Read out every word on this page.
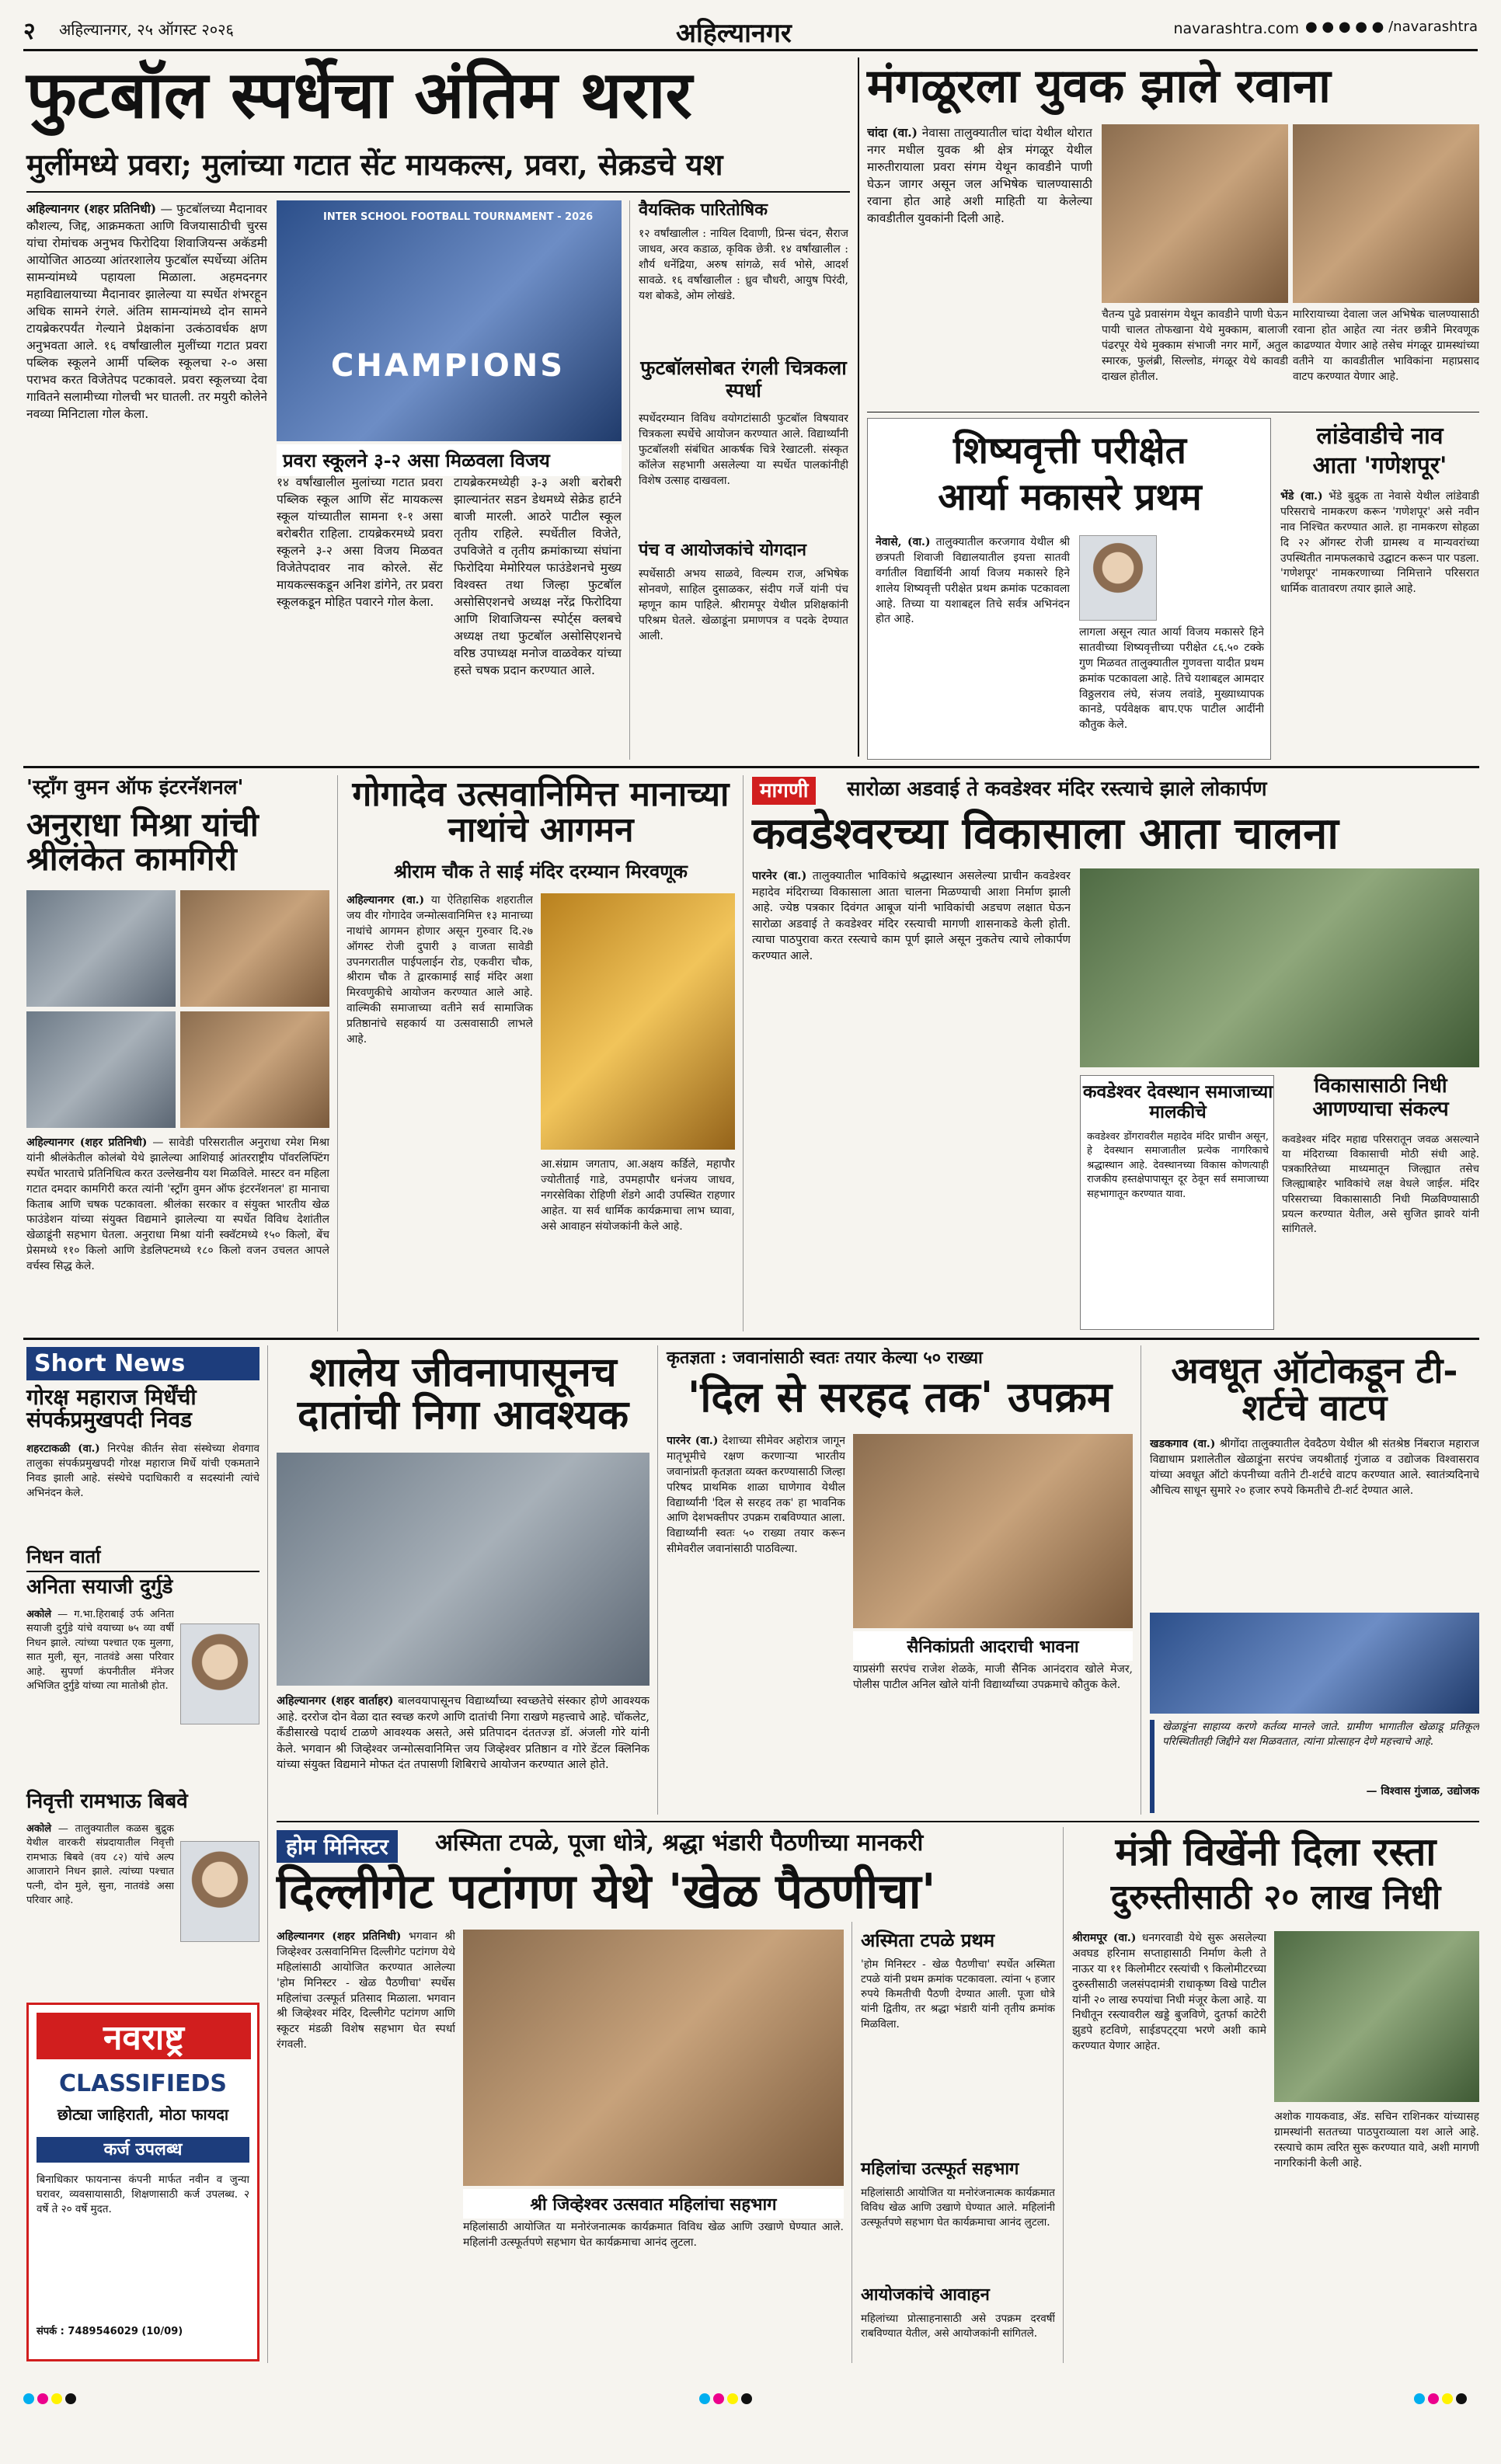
२ अहिल्यानगर, २५ ऑगस्ट २०२६	अहिल्यानगर	navarashtra.com ● ● ● ● ● /navarashtra
फुटबॉल स्पर्धेचा अंतिम थरार
मुलींमध्ये प्रवरा; मुलांच्या गटात सेंट मायकल्स, प्रवरा, सेक्रडचे यश
अहिल्यानगर (शहर प्रतिनिधी) — फुटबॉलच्या मैदानावर कौशल्य, जिद्द, आक्रमकता आणि विजयासाठीची चुरस यांचा रोमांचक अनुभव फिरोदिया शिवाजियन्स अकॅडमी आयोजित आठव्या आंतरशालेय फुटबॉल स्पर्धेच्या अंतिम सामन्यांमध्ये पहायला मिळाला. अहमदनगर महाविद्यालयाच्या मैदानावर झालेल्या या स्पर्धेत शंभरहून अधिक सामने रंगले. अंतिम सामन्यांमध्ये दोन सामने टायब्रेकरपर्यंत गेल्याने प्रेक्षकांना उत्कंठावर्धक क्षण अनुभवता आले. १६ वर्षांखालील मुलींच्या गटात प्रवरा पब्लिक स्कूलने आर्मी पब्लिक स्कूलचा २-० असा पराभव करत विजेतेपद पटकावले. प्रवरा स्कूलच्या देवा गावितने सलामीच्या गोलची भर घातली. तर मयुरी कोलेने नवव्या मिनिटाला गोल केला.
INTER SCHOOL FOOTBALL TOURNAMENT - 2026
CHAMPIONS
प्रवरा स्कूलने ३-२ असा मिळवला विजय
१४ वर्षांखालील मुलांच्या गटात प्रवरा पब्लिक स्कूल आणि सेंट मायकल्स स्कूल यांच्यातील सामना १-१ असा बरोबरीत राहिला. टायब्रेकरमध्ये प्रवरा स्कूलने ३-२ असा विजय मिळवत विजेतेपदावर नाव कोरले. सेंट मायकल्सकडून अनिश डांगेने, तर प्रवरा स्कूलकडून मोहित पवारने गोल केला.
टायब्रेकरमध्येही ३-३ अशी बरोबरी झाल्यानंतर सडन डेथमध्ये सेक्रेड हार्टने बाजी मारली. आठरे पाटील स्कूल तृतीय राहिले. स्पर्धेतील विजेते, उपविजेते व तृतीय क्रमांकाच्या संघांना फिरोदिया मेमोरियल फाउंडेशनचे मुख्य विश्वस्त तथा जिल्हा फुटबॉल असोसिएशनचे अध्यक्ष नरेंद्र फिरोदिया आणि शिवाजियन्स स्पोर्ट्स क्लबचे अध्यक्ष तथा फुटबॉल असोसिएशनचे वरिष्ठ उपाध्यक्ष मनोज वाळवेकर यांच्या हस्ते चषक प्रदान करण्यात आले.
वैयक्तिक पारितोषिक
१२ वर्षांखालील : नायिल दिवाणी, प्रिन्स चंदन, सैराज जाधव, अरव कडाळ, कृविक छेत्री. १४ वर्षांखालील : शौर्य धनेंद्रिया, अरुष सांगळे, सर्व भोसे, आदर्श सावळे. १६ वर्षांखालील : ध्रुव चौधरी, आयुष पिरंदी, यश बोकडे, ओम लोखंडे.
फुटबॉलसोबत रंगली चित्रकला स्पर्धा
स्पर्धेदरम्यान विविध वयोगटांसाठी फुटबॉल विषयावर चित्रकला स्पर्धेचे आयोजन करण्यात आले. विद्यार्थ्यांनी फुटबॉलशी संबंधित आकर्षक चित्रे रेखाटली. संस्कृत कॉलेज सहभागी असलेल्या या स्पर्धेत पालकांनीही विशेष उत्साह दाखवला.
पंच व आयोजकांचे योगदान
स्पर्धेसाठी अभय साळवे, विल्यम राज, अभिषेक सोनवणे, साहिल दुसाळकर, संदीप गर्जे यांनी पंच म्हणून काम पाहिले. श्रीरामपूर येथील प्रशिक्षकांनी परिश्रम घेतले. खेळाडूंना प्रमाणपत्र व पदके देण्यात आली.
मंगळूरला युवक झाले रवाना
चांदा (वा.) नेवासा तालुक्यातील चांदा येथील थोरात नगर मधील युवक श्री क्षेत्र मंगळूर येथील मारुतीरायाला प्रवरा संगम येथून कावडीने पाणी घेऊन जागर असून जल अभिषेक चालण्यासाठी रवाना होत आहे अशी माहिती या केलेल्या कावडीतील युवकांनी दिली आहे.
चैतन्य पुढे प्रवासंगम येथून कावडीने पाणी घेऊन पायी चालत तोफखाना येथे मुक्काम, बालाजी पंढरपूर येथे मुक्काम संभाजी नगर मार्गे, अतुल स्मारक, फुलंब्री, सिल्लोड, मंगळूर येथे कावडी दाखल होतील.
मारिरायाच्या देवाला जल अभिषेक चालण्यासाठी रवाना होत आहेत त्या नंतर छत्रीने मिरवणूक काढण्यात येणार आहे तसेच मंगळूर ग्रामस्थांच्या वतीने या कावडीतील भाविकांना महाप्रसाद वाटप करण्यात येणार आहे.
शिष्यवृत्ती परीक्षेत
आर्या मकासरे प्रथम
नेवासे, (वा.) तालुक्यातील करजगाव येथील श्री छत्रपती शिवाजी विद्यालयातील इयत्ता सातवी वर्गातील विद्यार्थिनी आर्या विजय मकासरे हिने शालेय शिष्यवृत्ती परीक्षेत प्रथम क्रमांक पटकावला आहे. तिच्या या यशाबद्दल तिचे सर्वत्र अभिनंदन होत आहे.
लागला असून त्यात आर्या विजय मकासरे हिने सातवीच्या शिष्यवृत्तीच्या परीक्षेत ८६.५० टक्के गुण मिळवत तालुक्यातील गुणवत्ता यादीत प्रथम क्रमांक पटकावला आहे. तिचे यशाबद्दल आमदार विठ्ठलराव लंघे, संजय लवांडे, मुख्याध्यापक कानडे, पर्यवेक्षक बाप.एफ पाटील आदींनी कौतुक केले.
लांडेवाडीचे नाव
आता 'गणेशपूर'
भेंडे (वा.) भेंडे बुद्रुक ता नेवासे येथील लांडेवाडी परिसराचे नामकरण करून 'गणेशपूर' असे नवीन नाव निश्चित करण्यात आले. हा नामकरण सोहळा दि २२ ऑगस्ट रोजी ग्रामस्थ व मान्यवरांच्या उपस्थितीत नामफलकाचे उद्घाटन करून पार पडला. 'गणेशपूर' नामकरणाच्या निमित्ताने परिसरात धार्मिक वातावरण तयार झाले आहे.
'स्ट्रॉंग वुमन ऑफ इंटरनॅशनल'
अनुराधा मिश्रा यांची श्रीलंकेत कामगिरी
अहिल्यानगर (शहर प्रतिनिधी) — सावेडी परिसरातील अनुराधा रमेश मिश्रा यांनी श्रीलंकेतील कोलंबो येथे झालेल्या आशियाई आंतरराष्ट्रीय पॉवरलिफ्टिंग स्पर्धेत भारताचे प्रतिनिधित्व करत उल्लेखनीय यश मिळविले. मास्टर वन महिला गटात दमदार कामगिरी करत त्यांनी 'स्ट्रॉंग वुमन ऑफ इंटरनॅशनल' हा मानाचा किताब आणि चषक पटकावला. श्रीलंका सरकार व संयुक्त भारतीय खेळ फाउंडेशन यांच्या संयुक्त विद्यमाने झालेल्या या स्पर्धेत विविध देशांतील खेळाडूंनी सहभाग घेतला. अनुराधा मिश्रा यांनी स्क्वॅटमध्ये १५० किलो, बेंच प्रेसमध्ये ११० किलो आणि डेडलिफ्टमध्ये १८० किलो वजन उचलत आपले वर्चस्व सिद्ध केले.
गोगादेव उत्सवानिमित्त मानाच्या नाथांचे आगमन
श्रीराम चौक ते साई मंदिर दरम्यान मिरवणूक
अहिल्यानगर (वा.) या ऐतिहासिक शहरातील जय वीर गोगादेव जन्मोत्सवानिमित्त १३ मानाच्या नाथांचे आगमन होणार असून गुरुवार दि.२७ ऑगस्ट रोजी दुपारी ३ वाजता सावेडी उपनगरातील पाईपलाईन रोड, एकवीरा चौक, श्रीराम चौक ते द्वारकामाई साई मंदिर अशा मिरवणुकीचे आयोजन करण्यात आले आहे. वाल्मिकी समाजाच्या वतीने सर्व सामाजिक प्रतिष्ठानांचे सहकार्य या उत्सवासाठी लाभले आहे.
आ.संग्राम जगताप, आ.अक्षय कर्डिले, महापौर ज्योतीताई गाडे, उपमहापौर धनंजय जाधव, नगरसेविका रोहिणी शेंडगे आदी उपस्थित राहणार आहेत. या सर्व धार्मिक कार्यक्रमाचा लाभ घ्यावा, असे आवाहन संयोजकांनी केले आहे.
मागणी	सारोळा अडवाई ते कवडेश्वर मंदिर रस्त्याचे झाले लोकार्पण
कवडेश्वरच्या विकासाला आता चालना
पारनेर (वा.) तालुक्यातील भाविकांचे श्रद्धास्थान असलेल्या प्राचीन कवडेश्वर महादेव मंदिराच्या विकासाला आता चालना मिळण्याची आशा निर्माण झाली आहे. ज्येष्ठ पत्रकार दिवंगत आबूज यांनी भाविकांची अडचण लक्षात घेऊन सारोळा अडवाई ते कवडेश्वर मंदिर रस्त्याची मागणी शासनाकडे केली होती. त्याचा पाठपुरावा करत रस्त्याचे काम पूर्ण झाले असून नुकतेच त्याचे लोकार्पण करण्यात आले.
कवडेश्वर देवस्थान समाजाच्या मालकीचे
कवडेश्वर डोंगरावरील महादेव मंदिर प्राचीन असून, हे देवस्थान समाजातील प्रत्येक नागरिकाचे श्रद्धास्थान आहे. देवस्थानच्या विकास कोणत्याही राजकीय हस्तक्षेपापासून दूर ठेवून सर्व समाजाच्या सहभागातून करण्यात यावा.
विकासासाठी निधी आणण्याचा संकल्प
कवडेश्वर मंदिर महाद्य परिसरातून जवळ असल्याने या मंदिराच्या विकासाची मोठी संधी आहे. पत्रकारितेच्या माध्यमातून जिल्ह्यात तसेच जिल्ह्याबाहेर भाविकांचे लक्ष वेधले जाईल. मंदिर परिसराच्या विकासासाठी निधी मिळविण्यासाठी प्रयत्न करण्यात येतील, असे सुजित झावरे यांनी सांगितले.
Short News
गोरक्ष महाराज मिर्धेंची संपर्कप्रमुखपदी निवड
शहरटाकळी (वा.) निरपेक्ष कीर्तन सेवा संस्थेच्या शेवगाव तालुका संपर्कप्रमुखपदी गोरक्ष महाराज मिर्धे यांची एकमताने निवड झाली आहे. संस्थेचे पदाधिकारी व सदस्यांनी त्यांचे अभिनंदन केले.
निधन वार्ता
अनिता सयाजी दुर्गुडे
अकोले — ग.भा.हिराबाई उर्फ अनिता सयाजी दुर्गुडे यांचे वयाच्या ७५ व्या वर्षी निधन झाले. त्यांच्या पश्चात एक मुलगा, सात मुली, सून, नातवंडे असा परिवार आहे. सुपर्णा कंपनीतील मॅनेजर अभिजित दुर्गुडे यांच्या त्या मातोश्री होत.
निवृत्ती रामभाऊ बिबवे
अकोले — तालुक्यातील कळस बुद्रुक येथील वारकरी संप्रदायातील निवृत्ती रामभाऊ बिबवे (वय ८२) यांचे अल्प आजाराने निधन झाले. त्यांच्या पश्चात पत्नी, दोन मुले, सुना, नातवंडे असा परिवार आहे.
नवराष्ट्र
CLASSIFIEDS
छोट्या जाहिराती, मोठा फायदा
कर्ज उपलब्ध
बिनाधिकार फायनान्स कंपनी मार्फत नवीन व जुन्या घरावर, व्यवसायासाठी, शिक्षणासाठी कर्ज उपलब्ध. २ वर्षे ते २० वर्षे मुदत.
संपर्क : 7489546029 (10/09)
शालेय जीवनापासूनच दातांची निगा आवश्यक
अहिल्यानगर (शहर वार्ताहर) बालवयापासूनच विद्यार्थ्यांच्या स्वच्छतेचे संस्कार होणे आवश्यक आहे. दररोज दोन वेळा दात स्वच्छ करणे आणि दातांची निगा राखणे महत्त्वाचे आहे. चॉकलेट, कँडीसारखे पदार्थ टाळणे आवश्यक असते, असे प्रतिपादन दंततज्ज्ञ डॉ. अंजली गोरे यांनी केले. भगवान श्री जिव्हेश्वर जन्मोत्सवानिमित्त जय जिव्हेश्वर प्रतिष्ठान व गोरे डेंटल क्लिनिक यांच्या संयुक्त विद्यमाने मोफत दंत तपासणी शिबिराचे आयोजन करण्यात आले होते.
कृतज्ञता : जवानांसाठी स्वतः तयार केल्या ५० राख्या
'दिल से सरहद तक' उपक्रम
पारनेर (वा.) देशाच्या सीमेवर अहोरात्र जागून मातृभूमीचे रक्षण करणाऱ्या भारतीय जवानांप्रती कृतज्ञता व्यक्त करण्यासाठी जिल्हा परिषद प्राथमिक शाळा घाणेगाव येथील विद्यार्थ्यांनी 'दिल से सरहद तक' हा भावनिक आणि देशभक्तीपर उपक्रम राबविण्यात आला. विद्यार्थ्यांनी स्वतः ५० राख्या तयार करून सीमेवरील जवानांसाठी पाठविल्या.
सैनिकांप्रती आदराची भावना
याप्रसंगी सरपंच राजेश शेळके, माजी सैनिक आनंदराव खोले मेजर, पोलीस पाटील अनिल खोले यांनी विद्यार्थ्यांच्या उपक्रमाचे कौतुक केले.
अवधूत ऑटोकडून टी-शर्टचे वाटप
खडकगाव (वा.) श्रीगोंदा तालुक्यातील देवदैठण येथील श्री संतश्रेष्ठ निंबराज महाराज विद्याधाम प्रशालेतील खेळाडूंना सरपंच जयश्रीताई गुंजाळ व उद्योजक विश्वासराव यांच्या अवधूत ऑटो कंपनीच्या वतीने टी-शर्टचे वाटप करण्यात आले. स्वातंत्र्यदिनाचे औचित्य साधून सुमारे २० हजार रुपये किमतीचे टी-शर्ट देण्यात आले.
खेळाडूंना साहाय्य करणे कर्तव्य मानले जाते. ग्रामीण भागातील खेळाडू प्रतिकूल परिस्थितीतही जिद्दीने यश मिळवतात, त्यांना प्रोत्साहन देणे महत्त्वाचे आहे.
— विश्वास गुंजाळ, उद्योजक
होम मिनिस्टर	अस्मिता टपळे, पूजा धोत्रे, श्रद्धा भंडारी पैठणीच्या मानकरी
दिल्लीगेट पटांगण येथे 'खेळ पैठणीचा'
अहिल्यानगर (शहर प्रतिनिधी) भगवान श्री जिव्हेश्वर उत्सवानिमित्त दिल्लीगेट पटांगण येथे महिलांसाठी आयोजित करण्यात आलेल्या 'होम मिनिस्टर - खेळ पैठणीचा' स्पर्धेस महिलांचा उत्स्फूर्त प्रतिसाद मिळाला. भगवान श्री जिव्हेश्वर मंदिर, दिल्लीगेट पटांगण आणि स्कूटर मंडळी विशेष सहभाग घेत स्पर्धा रंगवली.
श्री जिव्हेश्वर उत्सवात महिलांचा सहभाग
महिलांसाठी आयोजित या मनोरंजनात्मक कार्यक्रमात विविध खेळ आणि उखाणे घेण्यात आले. महिलांनी उत्स्फूर्तपणे सहभाग घेत कार्यक्रमाचा आनंद लुटला.
अस्मिता टपळे प्रथम
'होम मिनिस्टर - खेळ पैठणीचा' स्पर्धेत अस्मिता टपळे यांनी प्रथम क्रमांक पटकावला. त्यांना ५ हजार रुपये किमतीची पैठणी देण्यात आली. पूजा धोत्रे यांनी द्वितीय, तर श्रद्धा भंडारी यांनी तृतीय क्रमांक मिळविला.
महिलांचा उत्स्फूर्त सहभाग
महिलांसाठी आयोजित या मनोरंजनात्मक कार्यक्रमात विविध खेळ आणि उखाणे घेण्यात आले. महिलांनी उत्स्फूर्तपणे सहभाग घेत कार्यक्रमाचा आनंद लुटला.
आयोजकांचे आवाहन
महिलांच्या प्रोत्साहनासाठी असे उपक्रम दरवर्षी राबविण्यात येतील, असे आयोजकांनी सांगितले.
मंत्री विखेंनी दिला रस्ता
दुरुस्तीसाठी २० लाख निधी
श्रीरामपूर (वा.) धनगरवाडी येथे सुरू असलेल्या अवघड हरिनाम सप्ताहासाठी निर्माण केली ते नाऊर या ११ किलोमीटर रस्त्यांची ९ किलोमीटरच्या दुरुस्तीसाठी जलसंपदामंत्री राधाकृष्ण विखे पाटील यांनी २० लाख रुपयांचा निधी मंजूर केला आहे. या निधीतून रस्त्यावरील खड्डे बुजविणे, दुतर्फा काटेरी झुडपे हटविणे, साईडपट्ट्या भरणे अशी कामे करण्यात येणार आहेत.
अशोक गायकवाड, ॲड. सचिन राशिनकर यांच्यासह ग्रामस्थांनी सततच्या पाठपुराव्याला यश आले आहे. रस्त्याचे काम त्वरित सुरू करण्यात यावे, अशी मागणी नागरिकांनी केली आहे.
